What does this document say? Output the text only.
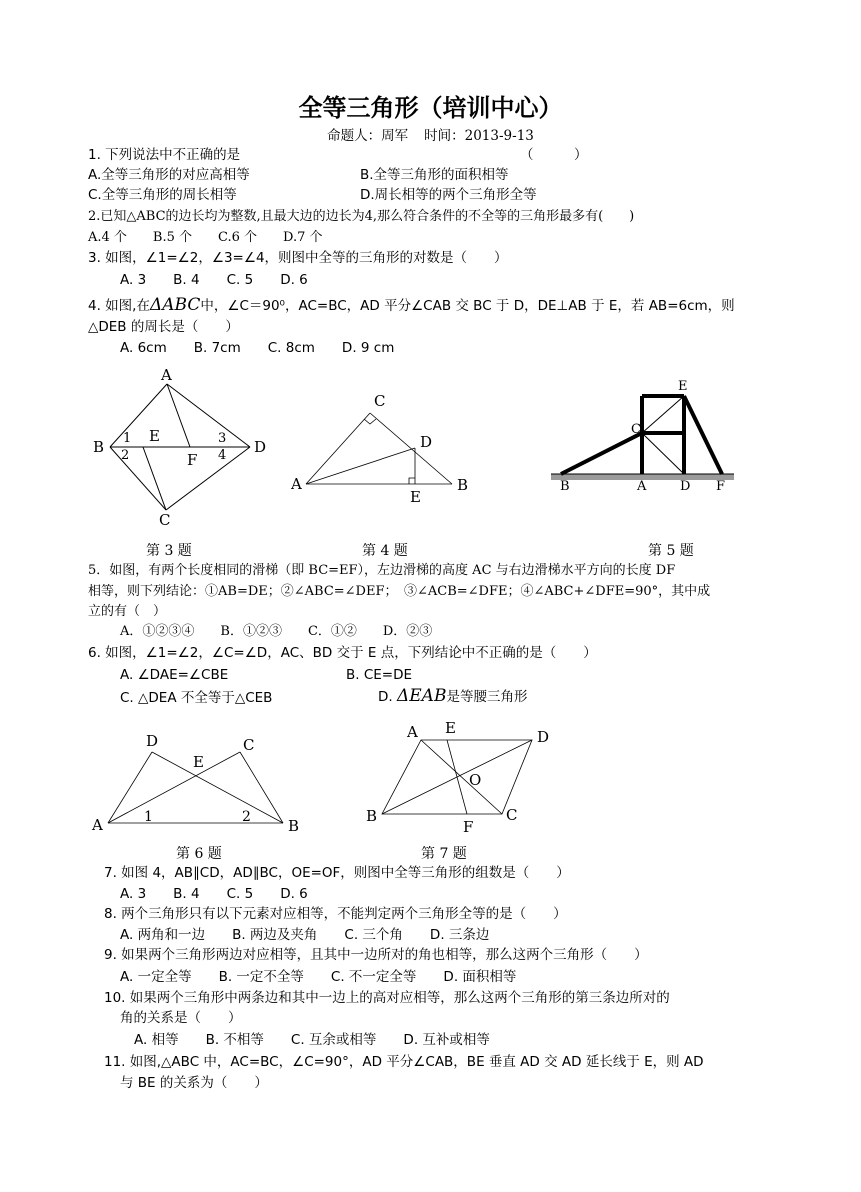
全等三角形（培训中心）
命题人：周军 时间：2013-9-13
1. 下列说法中不正确的是	（　　　）
A.全等三角形的对应高相等	B.全等三角形的面积相等
C.全等三角形的周长相等	D.周长相等的两个三角形全等
2.已知△ABC的边长均为整数,且最大边的边长为4,那么符合条件的不全等的三角形最多有(　　)
A.4 个　　B.5 个　　C.6 个　　D.7 个
3. 如图，∠1=∠2，∠3=∠4，则图中全等的三角形的对数是（　　）
A. 3　　B. 4　　C. 5　　D. 6
4. 如图,在ΔABC中，∠C＝90⁰，AC=BC，AD 平分∠CAB 交 BC 于 D，DE⊥AB 于 E，若 AB=6cm，则
△DEB 的周长是（　　）
A. 6cm　　B. 7cm　　C. 8cm　　D. 9 cm
A
B
C
D
E
F
1
2
3
4
C
D
A	B
E
B	A
C
D
E
F
第 3 题	第 4 题	第 5 题
5．如图，有两个长度相同的滑梯（即 BC=EF），左边滑梯的高度 AC 与右边滑梯水平方向的长度 DF
相等，则下列结论：①AB=DE；②∠ABC=∠DEF；　③∠ACB=∠DFE；④∠ABC+∠DFE=90°，其中成
立的有（　）
A．①②③④　　B．①②③　　C．①②　　D．②③
6. 如图，∠1=∠2，∠C=∠D，AC、BD 交于 E 点，下列结论中不正确的是（　　）
A. ∠DAE=∠CBE	B. CE=DE
C. △DEA 不全等于△CEB	D. ΔEAB是等腰三角形
D	C
E
A	B
1	2
A E	D
O
B	C
F
第 6 题	第 7 题
7. 如图 4，AB∥CD，AD∥BC，OE=OF，则图中全等三角形的组数是（　　）
A. 3　　B. 4　　C. 5　　D. 6
8. 两个三角形只有以下元素对应相等，不能判定两个三角形全等的是（　　）
A. 两角和一边　　B. 两边及夹角　　C. 三个角　　D. 三条边
9. 如果两个三角形两边对应相等，且其中一边所对的角也相等，那么这两个三角形（　　）
A. 一定全等　　B. 一定不全等　　C. 不一定全等　　D. 面积相等
10. 如果两个三角形中两条边和其中一边上的高对应相等，那么这两个三角形的第三条边所对的
角的关系是（　　）
A. 相等　　B. 不相等　　C. 互余或相等　　D. 互补或相等
11. 如图,△ABC 中，AC=BC，∠C=90°，AD 平分∠CAB，BE 垂直 AD 交 AD 延长线于 E，则 AD
与 BE 的关系为（　　）
